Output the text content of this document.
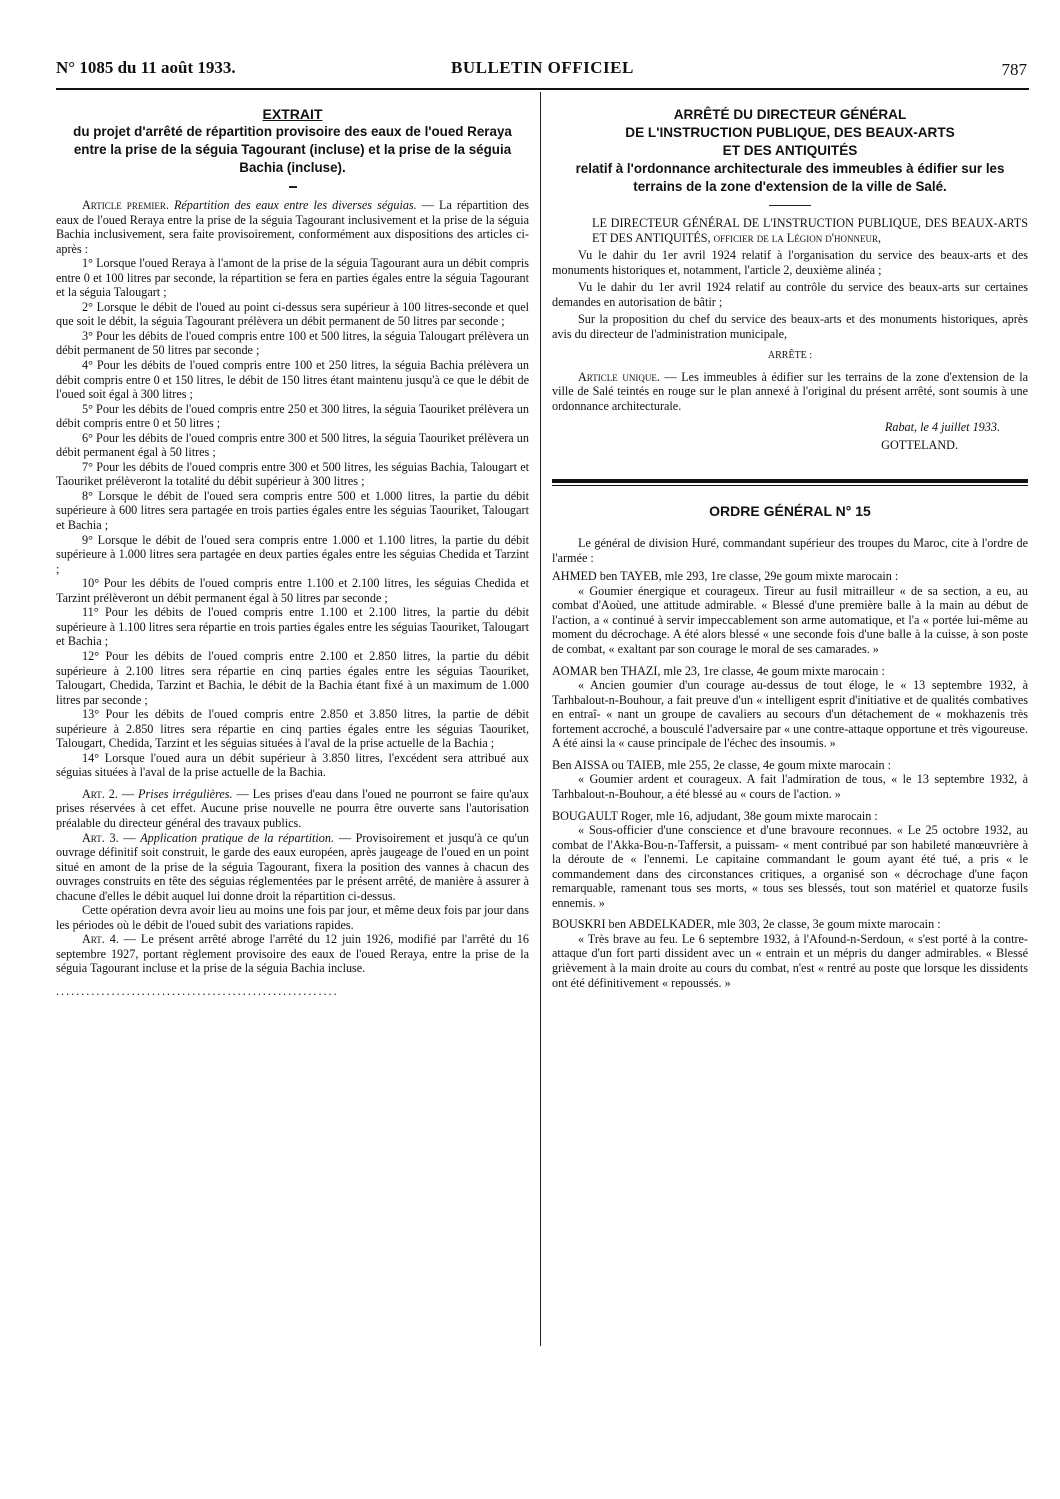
N° 1085 du 11 août 1933.	BULLETIN OFFICIEL	787
EXTRAIT
du projet d'arrêté de répartition provisoire des eaux de l'oued Reraya entre la prise de la séguia Tagourant (incluse) et la prise de la séguia Bachia (incluse).

Article premier. Répartition des eaux entre les diverses séguias. — La répartition des eaux de l'oued Reraya entre la prise de la séguia Tagourant inclusivement et la prise de la séguia Bachia inclusivement, sera faite provisoirement, conformément aux dispositions des articles ci-après :

1° Lorsque l'oued Reraya à l'amont de la prise de la séguia Tagourant aura un débit compris entre 0 et 100 litres par seconde, la répartition se fera en parties égales entre la séguia Tagourant et la séguia Talougart ;

2° Lorsque le débit de l'oued au point ci-dessus sera supérieur à 100 litres-seconde et quel que soit le débit, la séguia Tagourant prélèvera un débit permanent de 50 litres par seconde ;

3° Pour les débits de l'oued compris entre 100 et 500 litres, la séguia Talougart prélèvera un débit permanent de 50 litres par seconde ;

4° Pour les débits de l'oued compris entre 100 et 250 litres, la séguia Bachia prélèvera un débit compris entre 0 et 150 litres, le débit de 150 litres étant maintenu jusqu'à ce que le débit de l'oued soit égal à 300 litres ;

5° Pour les débits de l'oued compris entre 250 et 300 litres, la séguia Taouriket prélèvera un débit compris entre 0 et 50 litres ;

6° Pour les débits de l'oued compris entre 300 et 500 litres, la séguia Taouriket prélèvera un débit permanent égal à 50 litres ;

7° Pour les débits de l'oued compris entre 300 et 500 litres, les séguias Bachia, Talougart et Taouriket prélèveront la totalité du débit supérieur à 300 litres ;

8° Lorsque le débit de l'oued sera compris entre 500 et 1.000 litres, la partie du débit supérieure à 600 litres sera partagée en trois parties égales entre les séguias Taouriket, Talougart et Bachia ;

9° Lorsque le débit de l'oued sera compris entre 1.000 et 1.100 litres, la partie du débit supérieure à 1.000 litres sera partagée en deux parties égales entre les séguias Chedida et Tarzint ;

10° Pour les débits de l'oued compris entre 1.100 et 2.100 litres, les séguias Chedida et Tarzint prélèveront un débit permanent égal à 50 litres par seconde ;

11° Pour les débits de l'oued compris entre 1.100 et 2.100 litres, la partie du débit supérieure à 1.100 litres sera répartie en trois parties égales entre les séguias Taouriket, Talougart et Bachia ;

12° Pour les débits de l'oued compris entre 2.100 et 2.850 litres, la partie du débit supérieure à 2.100 litres sera répartie en cinq parties égales entre les séguias Taouriket, Talougart, Chedida, Tarzint et Bachia, le débit de la Bachia étant fixé à un maximum de 1.000 litres par seconde ;

13° Pour les débits de l'oued compris entre 2.850 et 3.850 litres, la partie de débit supérieure à 2.850 litres sera répartie en cinq parties égales entre les séguias Taouriket, Talougart, Chedida, Tarzint et les séguias situées à l'aval de la prise actuelle de la Bachia ;

14° Lorsque l'oued aura un débit supérieur à 3.850 litres, l'excédent sera attribué aux séguias situées à l'aval de la prise actuelle de la Bachia.

Art. 2. — Prises irrégulières. — Les prises d'eau dans l'oued ne pourront se faire qu'aux prises réservées à cet effet. Aucune prise nouvelle ne pourra être ouverte sans l'autorisation préalable du directeur général des travaux publics.

Art. 3. — Application pratique de la répartition. — Provisoirement et jusqu'à ce qu'un ouvrage définitif soit construit, le garde des eaux européen, après jaugeage de l'oued en un point situé en amont de la prise de la séguia Tagourant, fixera la position des vannes à chacun des ouvrages construits en tête des séguias réglementées par le présent arrêté, de manière à assurer à chacune d'elles le débit auquel lui donne droit la répartition ci-dessus.

Cette opération devra avoir lieu au moins une fois par jour, et même deux fois par jour dans les périodes où le débit de l'oued subit des variations rapides.

Art. 4. — Le présent arrêté abroge l'arrêté du 12 juin 1926, modifié par l'arrêté du 16 septembre 1927, portant règlement provisoire des eaux de l'oued Reraya, entre la prise de la séguia Tagourant incluse et la prise de la séguia Bachia incluse.

........................................................
ARRÊTÉ DU DIRECTEUR GÉNÉRAL
DE L'INSTRUCTION PUBLIQUE, DES BEAUX-ARTS
ET DES ANTIQUITÉS
relatif à l'ordonnance architecturale des immeubles à édifier sur les terrains de la zone d'extension de la ville de Salé.

LE DIRECTEUR GÉNÉRAL DE L'INSTRUCTION PUBLIQUE, DES BEAUX-ARTS ET DES ANTIQUITÉS, officier de la Légion d'honneur,

Vu le dahir du 1er avril 1924 relatif à l'organisation du service des beaux-arts et des monuments historiques et, notamment, l'article 2, deuxième alinéa ;

Vu le dahir du 1er avril 1924 relatif au contrôle du service des beaux-arts sur certaines demandes en autorisation de bâtir ;

Sur la proposition du chef du service des beaux-arts et des monuments historiques, après avis du directeur de l'administration municipale,

ARRÊTE :

Article unique. — Les immeubles à édifier sur les terrains de la zone d'extension de la ville de Salé teintés en rouge sur le plan annexé à l'original du présent arrêté, sont soumis à une ordonnance architecturale.

Rabat, le 4 juillet 1933.

GOTTELAND.

ORDRE GÉNÉRAL N° 15

Le général de division Huré, commandant supérieur des troupes du Maroc, cite à l'ordre de l'armée :

AHMED ben TAYEB, mle 293, 1re classe, 29e goum mixte marocain :

« Goumier énergique et courageux. Tireur au fusil mitrailleur « de sa section, a eu, au combat d'Aoùed, une attitude admirable. « Blessé d'une première balle à la main au début de l'action, a « continué à servir impeccablement son arme automatique, et l'a « portée lui-même au moment du décrochage. A été alors blessé « une seconde fois d'une balle à la cuisse, à son poste de combat, « exaltant par son courage le moral de ses camarades. »

AOMAR ben THAZI, mle 23, 1re classe, 4e goum mixte marocain :

« Ancien goumier d'un courage au-dessus de tout éloge, le « 13 septembre 1932, à Tarhbalout-n-Bouhour, a fait preuve d'un « intelligent esprit d'initiative et de qualités combatives en entraî- « nant un groupe de cavaliers au secours d'un détachement de « mokhazenis très fortement accroché, a bousculé l'adversaire par « une contre-attaque opportune et très vigoureuse. A été ainsi la « cause principale de l'échec des insoumis. »

Ben AISSA ou TAIEB, mle 255, 2e classe, 4e goum mixte marocain :

« Goumier ardent et courageux. A fait l'admiration de tous, « le 13 septembre 1932, à Tarhbalout-n-Bouhour, a été blessé au « cours de l'action. »

BOUGAULT Roger, mle 16, adjudant, 38e goum mixte marocain :

« Sous-officier d'une conscience et d'une bravoure reconnues. « Le 25 octobre 1932, au combat de l'Akka-Bou-n-Taffersit, a puissam- « ment contribué par son habileté manœuvrière à la déroute de « l'ennemi. Le capitaine commandant le goum ayant été tué, a pris « le commandement dans des circonstances critiques, a organisé son « décrochage d'une façon remarquable, ramenant tous ses morts, « tous ses blessés, tout son matériel et quatorze fusils ennemis. »

BOUSKRI ben ABDELKADER, mle 303, 2e classe, 3e goum mixte marocain :

« Très brave au feu. Le 6 septembre 1932, à l'Afound-n-Serdoun, « s'est porté à la contre-attaque d'un fort parti dissident avec un « entrain et un mépris du danger admirables. « Blessé grièvement à la main droite au cours du combat, n'est « rentré au poste que lorsque les dissidents ont été définitivement « repoussés. »
